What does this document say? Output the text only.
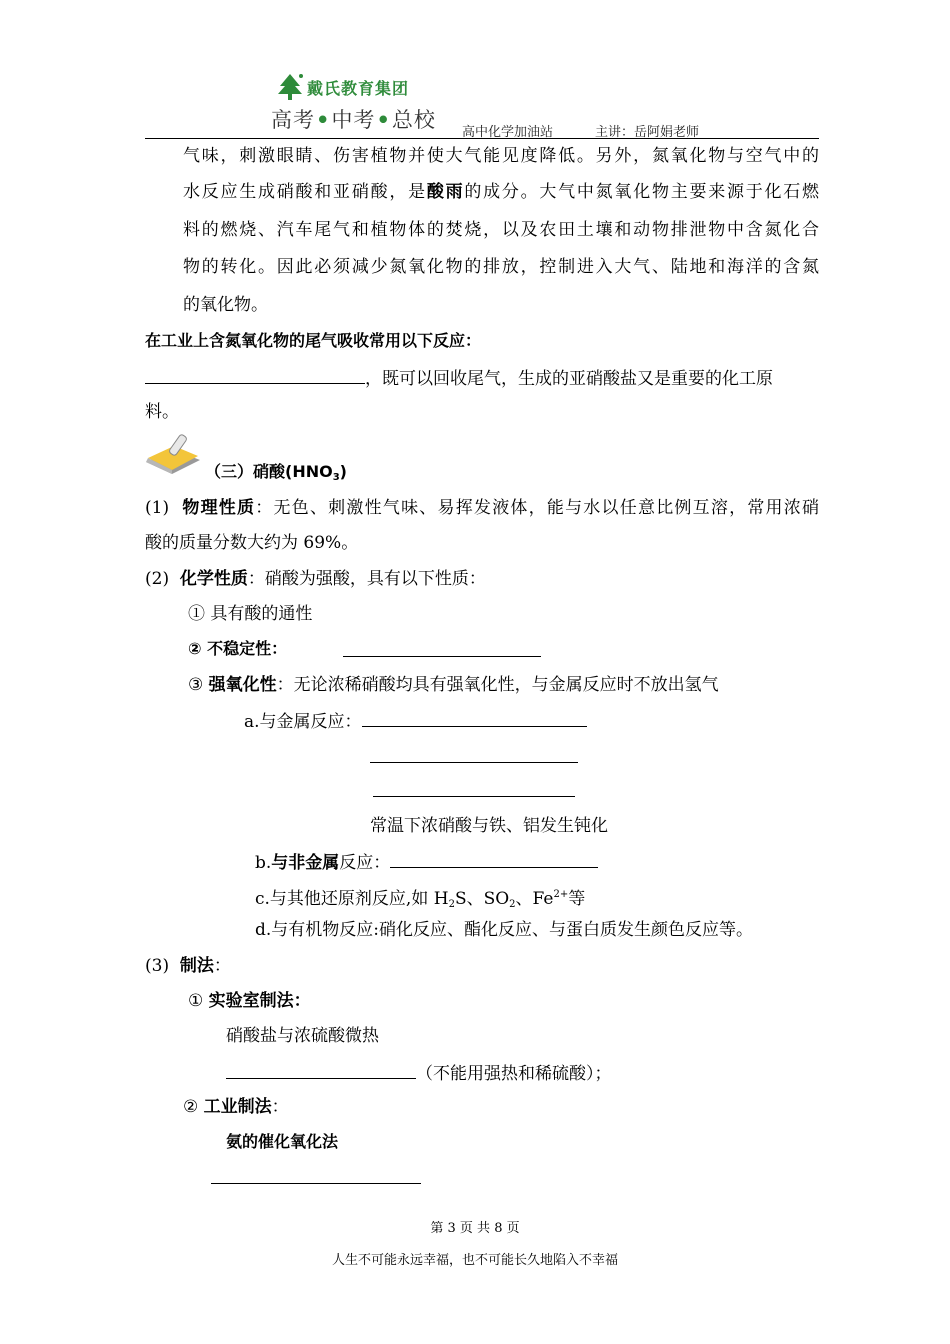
戴氏教育集团
高考•中考•总校
高中化学加油站	主讲：岳阿娟老师
气味，刺激眼睛、伤害植物并使大气能见度降低。另外，氮氧化物与空气中的
水反应生成硝酸和亚硝酸，是酸雨的成分。大气中氮氧化物主要来源于化石燃
料的燃烧、汽车尾气和植物体的焚烧，以及农田土壤和动物排泄物中含氮化合
物的转化。因此必须减少氮氧化物的排放，控制进入大气、陆地和海洋的含氮
的氧化物。
在工业上含氮氧化物的尾气吸收常用以下反应：
，既可以回收尾气，生成的亚硝酸盐又是重要的化工原
料。
（三）硝酸$(HNO_3)$
(1) 物理性质：无色、刺激性气味、易挥发液体，能与水以任意比例互溶，常用浓硝
酸的质量分数大约为 69%。
(2) 化学性质：硝酸为强酸，具有以下性质：
① 具有酸的通性
② 不稳定性：
③ 强氧化性：无论浓稀硝酸均具有强氧化性，与金属反应时不放出氢气
a.与金属反应：
常温下浓硝酸与铁、铝发生钝化
b.与非金属反应：
c.与其他还原剂反应,如 $H_2S$、$SO_2$、$Fe^{2+}$等
d.与有机物反应:硝化反应、酯化反应、与蛋白质发生颜色反应等。
(3) 制法：
① 实验室制法：
硝酸盐与浓硫酸微热
（不能用强热和稀硫酸）；
② 工业制法：
氨的催化氧化法
第 3 页 共 8 页
人生不可能永远幸福，也不可能长久地陷入不幸福
